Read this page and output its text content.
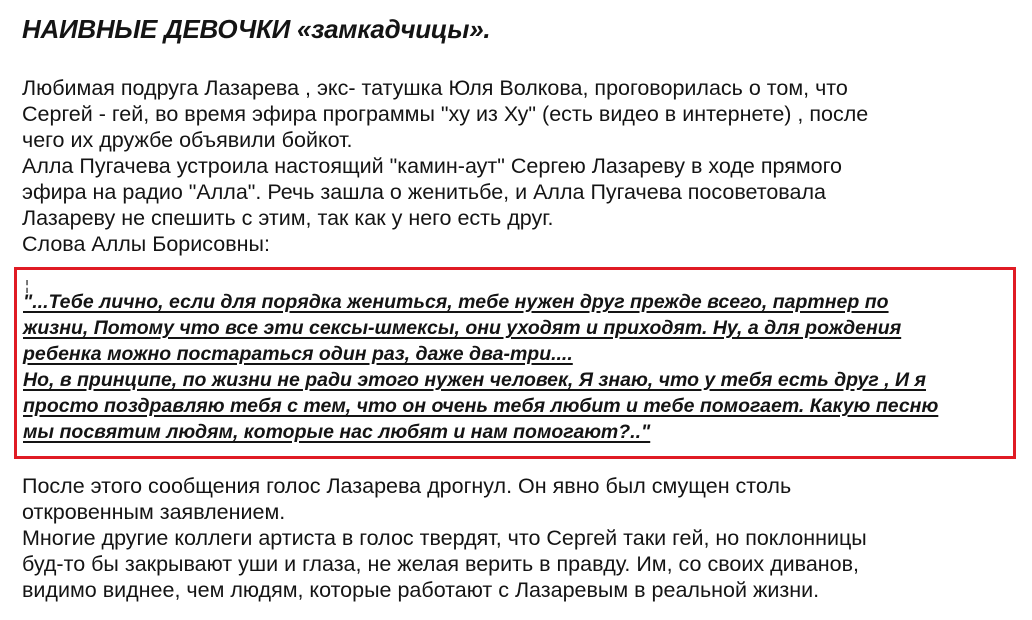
НАИВНЫЕ ДЕВОЧКИ «замкадчицы».
Любимая подруга Лазарева , экс- татушка Юля Волкова, проговорилась о том, что
Сергей - гей, во время эфира программы "ху из Ху" (есть видео в интернете) , после
чего их дружбе объявили бойкот.
Алла Пугачева устроила настоящий "камин-аут" Сергею Лазареву в ходе прямого
эфира на радио "Алла". Речь зашла о женитьбе, и Алла Пугачева посоветовала
Лазареву не спешить с этим, так как у него есть друг.
Слова Аллы Борисовны:
¦
"...Тебе лично, если для порядка жениться, тебе нужен друг прежде всего, партнер по
жизни, Потому что все эти сексы-шмексы, они уходят и приходят. Ну, а для рождения
ребенка можно постараться один раз, даже два-три....
Но, в принципе, по жизни не ради этого нужен человек, Я знаю, что у тебя есть друг , И я
просто поздравляю тебя с тем, что он очень тебя любит и тебе помогает. Какую песню
мы посвятим людям, которые нас любят и нам помогают?.."
После этого сообщения голос Лазарева дрогнул. Он явно был смущен столь
откровенным заявлением.
Многие другие коллеги артиста в голос твердят, что Сергей таки гей, но поклонницы
буд-то бы закрывают уши и глаза, не желая верить в правду. Им, со своих диванов,
видимо виднее, чем людям, которые работают с Лазаревым в реальной жизни.
